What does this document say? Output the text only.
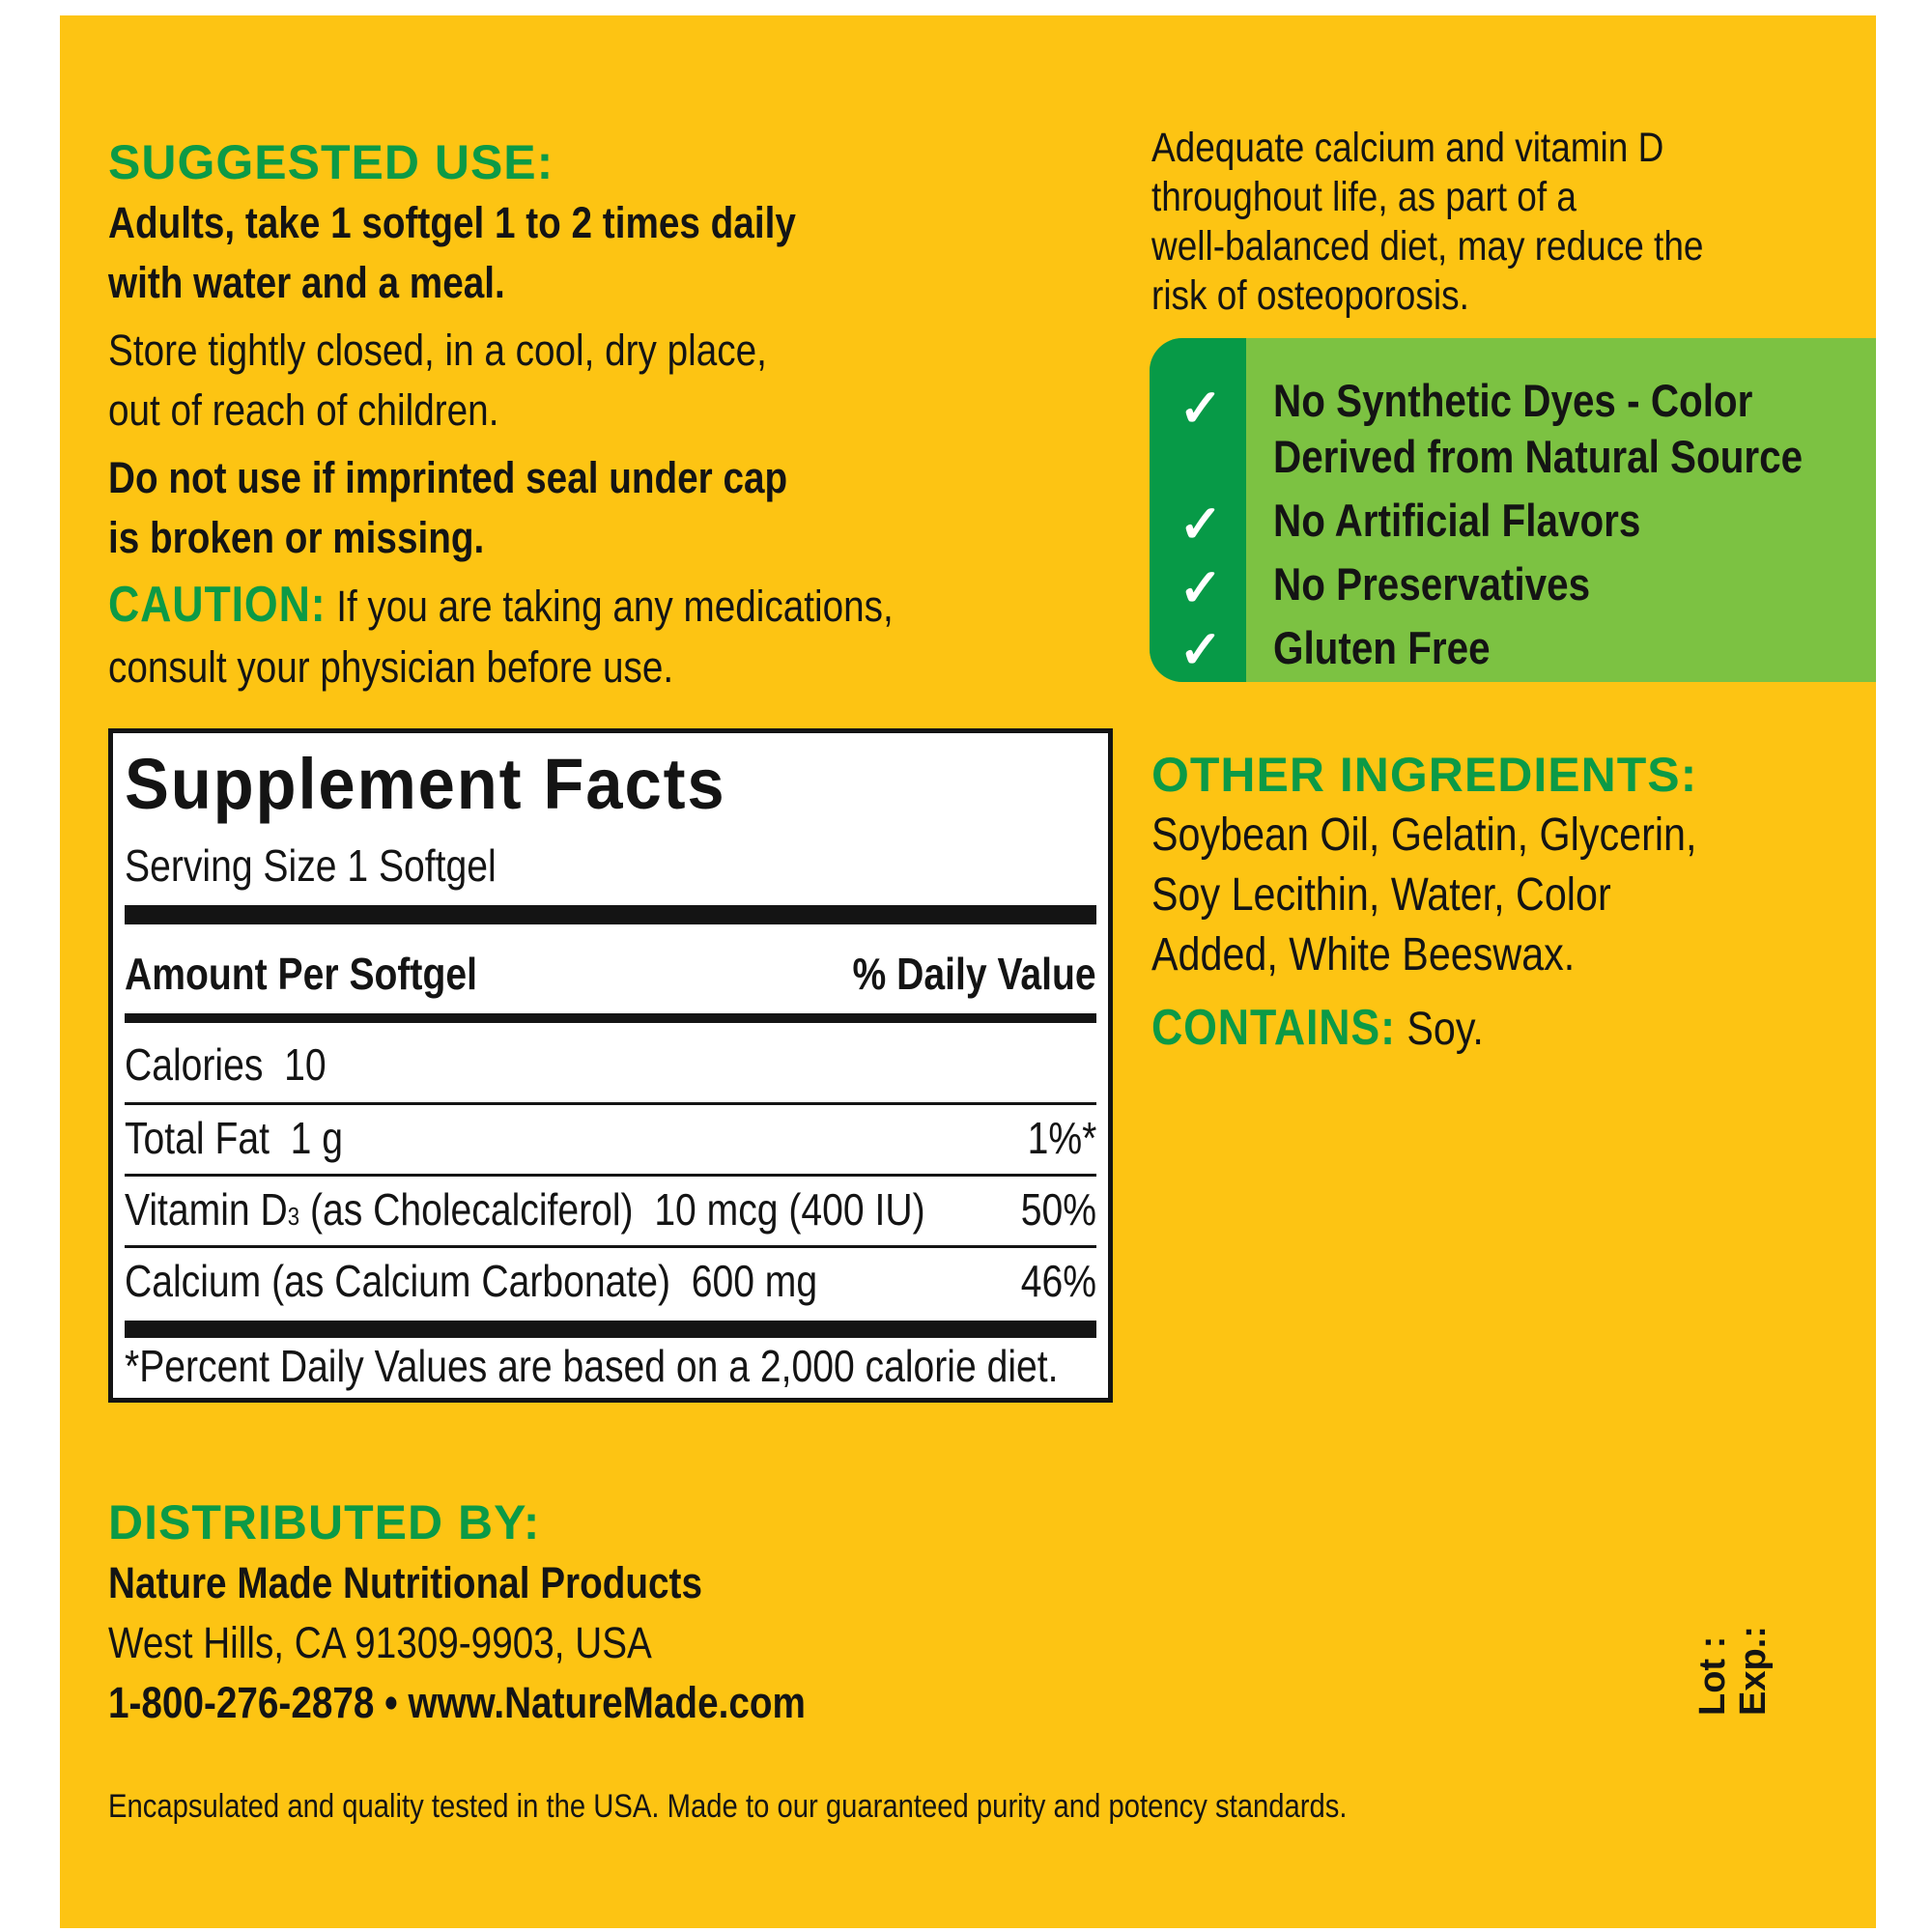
SUGGESTED USE:
Adults, take 1 softgel 1 to 2 times daily
with water and a meal.
Store tightly closed, in a cool, dry place,
out of reach of children.
Do not use if imprinted seal under cap
is broken or missing.
CAUTION: If you are taking any medications,
consult your physician before use.
Adequate calcium and vitamin D
throughout life, as part of a
well-balanced diet, may reduce the
risk of osteoporosis.
✓
✓
✓
✓
No Synthetic Dyes - Color
Derived from Natural Source
No Artificial Flavors
No Preservatives
Gluten Free
Supplement Facts
Serving Size 1 Softgel
Amount Per Softgel	% Daily Value
Calories 10
Total Fat 1 g	1%*
Vitamin D3 (as Cholecalciferol) 10 mcg (400 IU) 50%
Calcium (as Calcium Carbonate) 600 mg	46%
*Percent Daily Values are based on a 2,000 calorie diet.
OTHER INGREDIENTS:
Soybean Oil, Gelatin, Glycerin,
Soy Lecithin, Water, Color
Added, White Beeswax.
CONTAINS: Soy.
DISTRIBUTED BY:
Nature Made Nutritional Products
West Hills, CA 91309-9903, USA
1-800-276-2878 • www.NatureMade.com
Encapsulated and quality tested in the USA. Made to our guaranteed purity and potency standards.
Lot : Exp.:
